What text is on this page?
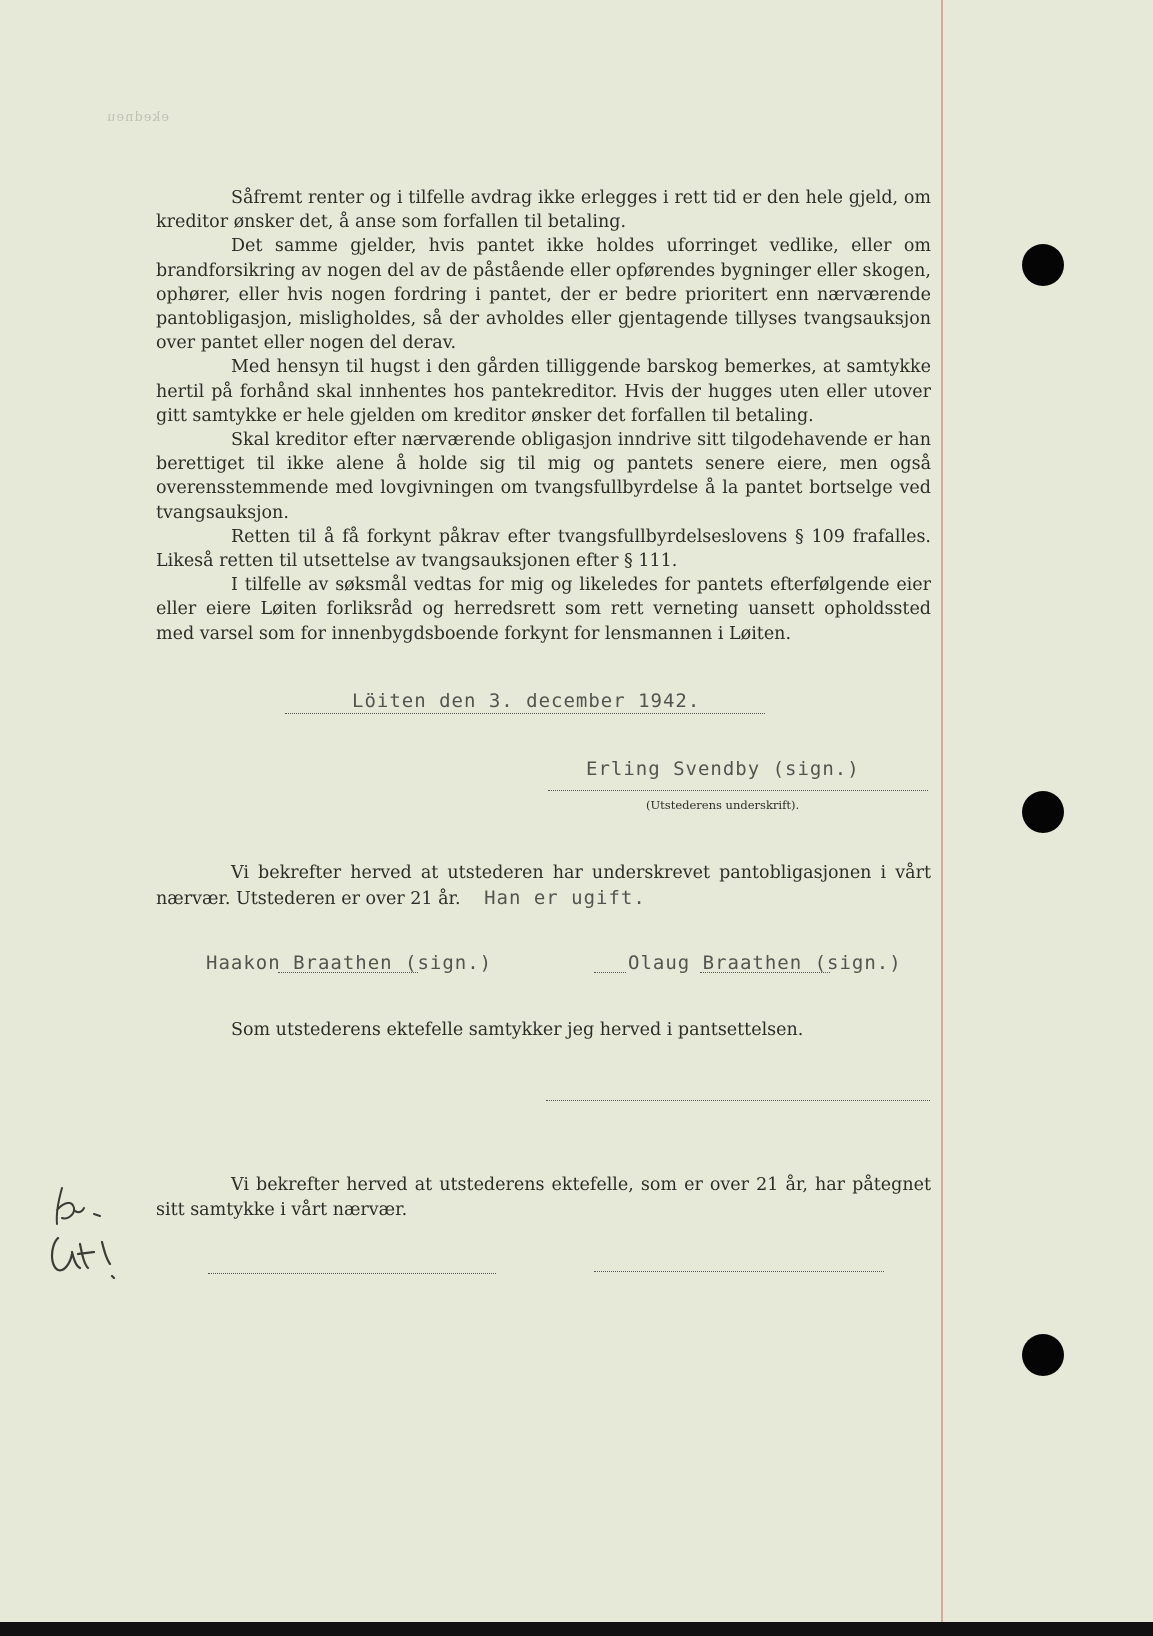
ekedneu

Såfremt renter og i tilfelle avdrag ikke erlegges i rett tid er den hele gjeld, om kreditor ønsker det, å anse som forfallen til betaling.

Det samme gjelder, hvis pantet ikke holdes uforringet vedlike, eller om brandforsikring av nogen del av de påstående eller opførendes bygninger eller skogen, ophører, eller hvis nogen fordring i pantet, der er bedre prioritert enn nærværende pantobligasjon, misligholdes, så der avholdes eller gjentagende tillyses tvangsauksjon over pantet eller nogen del derav.

Med hensyn til hugst i den gården tilliggende barskog bemerkes, at samtykke hertil på forhånd skal innhentes hos pantekreditor. Hvis der hugges uten eller utover gitt samtykke er hele gjelden om kreditor ønsker det forfallen til betaling.

Skal kreditor efter nærværende obligasjon inndrive sitt tilgodehavende er han berettiget til ikke alene å holde sig til mig og pantets senere eiere, men også overensstemmende med lovgivningen om tvangsfullbyrdelse å la pantet bortselge ved tvangsauksjon.

Retten til å få forkynt påkrav efter tvangsfullbyrdelseslovens § 109 frafalles. Likeså retten til utsettelse av tvangsauksjonen efter § 111.

I tilfelle av søksmål vedtas for mig og likeledes for pantets efterfølgende eier eller eiere Løiten forliksråd og herredsrett som rett verneting uansett opholdssted med varsel som for innenbygdsboende forkynt for lensmannen i Løiten.

Löiten den 3. december 1942.
Erling Svendby (sign.)
(Utstederens underskrift).
Vi bekrefter herved at utstederen har underskrevet pantobligasjonen i vårt nærvær. Utstederen er over 21 år. Han er ugift.
Haakon Braathen (sign.)	Olaug Braathen (sign.)
Som utstederens ektefelle samtykker jeg herved i pantsettelsen.
Vi bekrefter herved at utstederens ektefelle, som er over 21 år, har påtegnet sitt samtykke i vårt nærvær.
